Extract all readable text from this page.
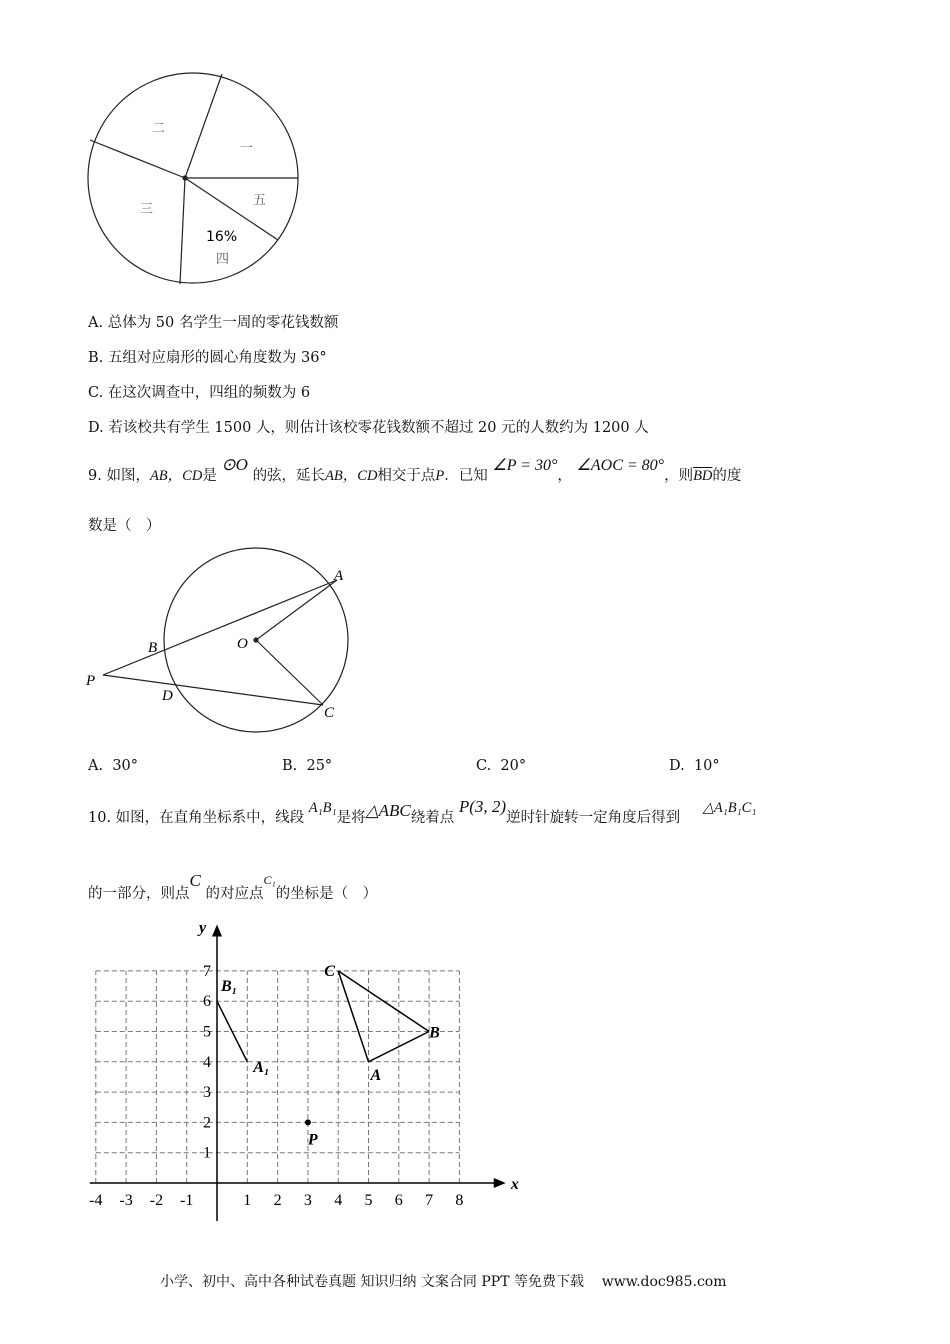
一
二
三
五
16%
四
A
B
C
D
O
P
x
y
-4 -3 -2 -1	1 2 3 4 5 6 7 8
1
2
3
4
5
6
7
B₁
A₁
C
B
A
P
A. 总体为 50 名学生一周的零花钱数额
B. 五组对应扇形的圆心角度数为 36°
C. 在这次调查中，四组的频数为 6
D. 若该校共有学生 1500 人，则估计该校零花钱数额不超过 20 元的人数约为 1200 人
9. 如图，AB，CD是 ⊙O 的弦，延长AB，CD相交于点P．已知 ∠P = 30°， ∠AOC = 80°，则$\overline{BD}$的度
数是（　）
A. 30°	B. 25°	C. 20°	D. 10°
10. 如图，在直角坐标系中，线段 A₁B₁是将△ABC绕着点 P(3, 2)逆时针旋转一定角度后得到 △A₁B₁C₁
的一部分，则点C 的对应点$^{C_1}$的坐标是（　）
小学、初中、高中各种试卷真题 知识归纳 文案合同 PPT 等免费下载 www.doc985.com
